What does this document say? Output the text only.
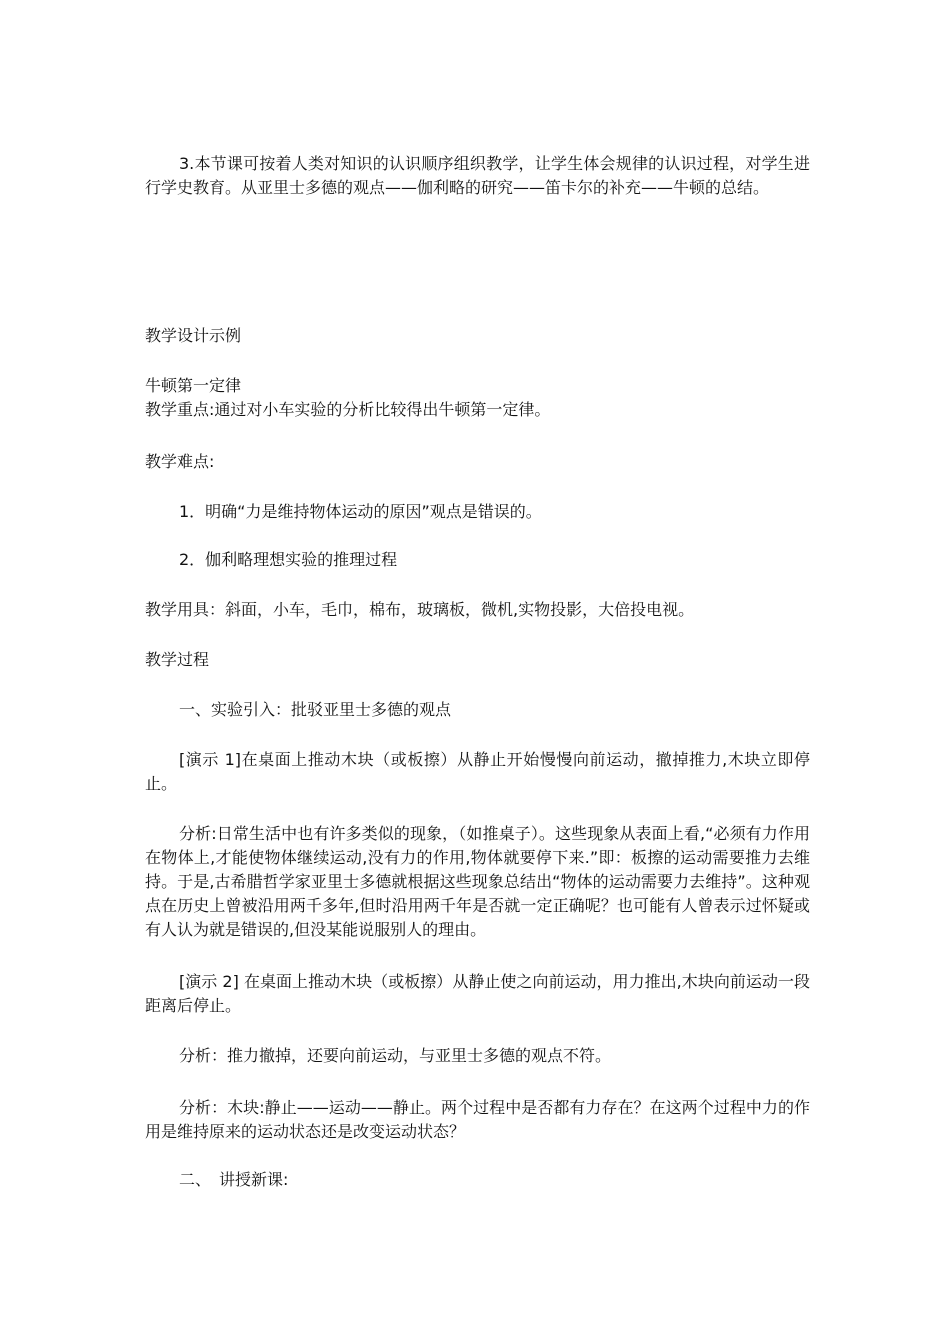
3.本节课可按着人类对知识的认识顺序组织教学，让学生体会规律的认识过程，对学生进行学史教育。从亚里士多德的观点——伽利略的研究——笛卡尔的补充——牛顿的总结。

教学设计示例

牛顿第一定律

教学重点:通过对小车实验的分析比较得出牛顿第一定律。

教学难点:

1．明确“力是维持物体运动的原因”观点是错误的。

2．伽利略理想实验的推理过程

教学用具：斜面，小车，毛巾，棉布，玻璃板，微机,实物投影，大倍投电视。

教学过程

一、实验引入：批驳亚里士多德的观点

[演示 1]在桌面上推动木块（或板擦）从静止开始慢慢向前运动，撤掉推力,木块立即停止。

分析:日常生活中也有许多类似的现象，（如推桌子）。这些现象从表面上看,“必须有力作用在物体上,才能使物体继续运动,没有力的作用,物体就要停下来.”即：板擦的运动需要推力去维持。于是,古希腊哲学家亚里士多德就根据这些现象总结出“物体的运动需要力去维持”。这种观点在历史上曾被沿用两千多年,但时沿用两千年是否就一定正确呢？也可能有人曾表示过怀疑或有人认为就是错误的,但没某能说服别人的理由。

[演示 2] 在桌面上推动木块（或板擦）从静止使之向前运动，用力推出,木块向前运动一段距离后停止。

分析：推力撤掉，还要向前运动，与亚里士多德的观点不符。

分析：木块:静止——运动——静止。两个过程中是否都有力存在？在这两个过程中力的作用是维持原来的运动状态还是改变运动状态？

二、　讲授新课:
